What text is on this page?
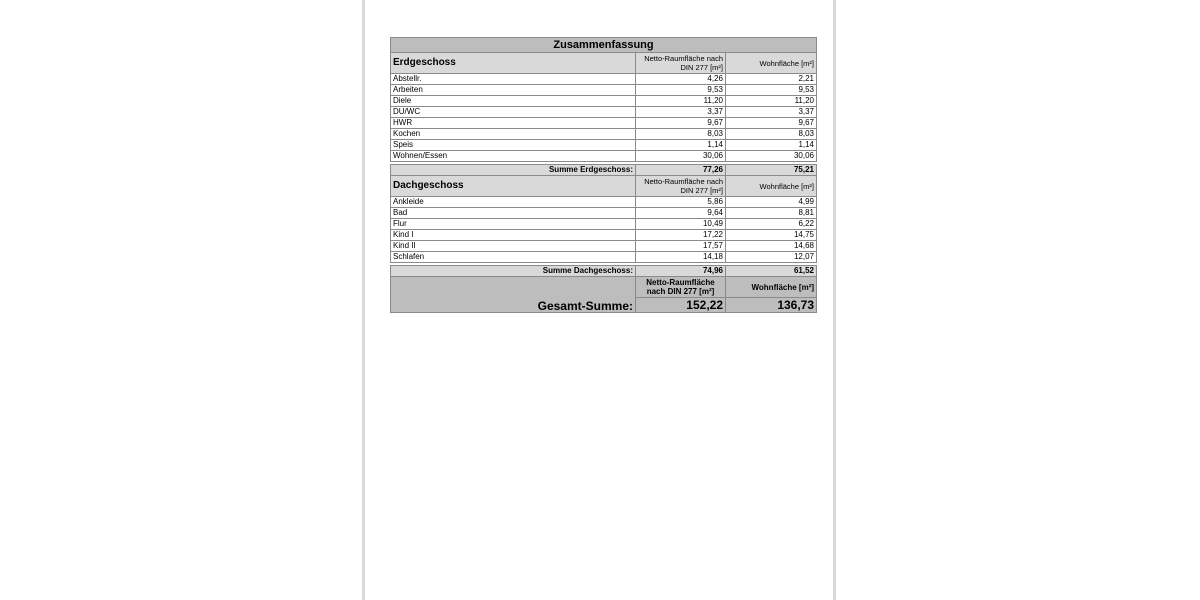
Zusammenfassung		
Erdgeschoss	Netto-Raumfläche nach DIN 277 [m²]	Wohnfläche [m²]
Abstellr.	4,26	2,21
Arbeiten	9,53	9,53
Diele	11,20	11,20
DU/WC	3,37	3,37
HWR	9,67	9,67
Kochen	8,03	8,03
Speis	1,14	1,14
Wohnen/Essen	30,06	30,06

Summe Erdgeschoss:	77,26	75,21
Dachgeschoss	Netto-Raumfläche nach DIN 277 [m²]	Wohnfläche [m²]
Ankleide	5,86	4,99
Bad	9,64	8,81
Flur	10,49	6,22
Kind I	17,22	14,75
Kind II	17,57	14,68
Schlafen	14,18	12,07

Summe Dachgeschoss:	74,96	61,52
Gesamt-Summe:	Netto-Raumfläche nach DIN 277 [m²]	Wohnfläche [m²]
	152,22	136,73
